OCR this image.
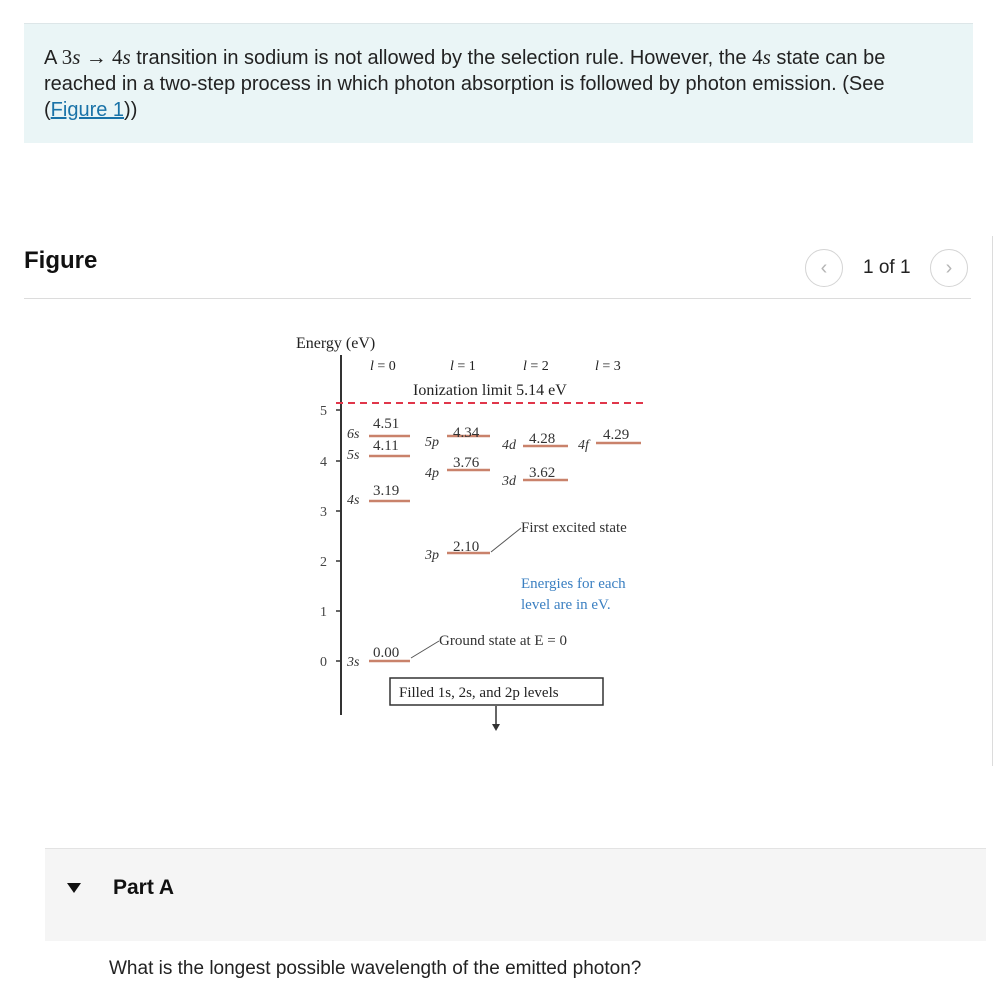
A 3s → 4s transition in sodium is not allowed by the selection rule. However, the 4s state can be reached in a two-step process in which photon absorption is followed by photon emission. (See (Figure 1))
Figure	‹ 1 of 1 ›
Energy (eV)
l = 0	l = 1	l = 2	l = 3
Ionization limit 5.14 eV
5
4
3
2
1
0
6s
5s
4s
3s
5p
4p
3p
4d
3d
4f
4.51
4.11
3.19
0.00
4.34
3.76
2.10
4.28
3.62
4.29
First excited state
Energies for each
level are in eV.
Ground state at E = 0
Filled 1s, 2s, and 2p levels
Part A
What is the longest possible wavelength of the emitted photon?
